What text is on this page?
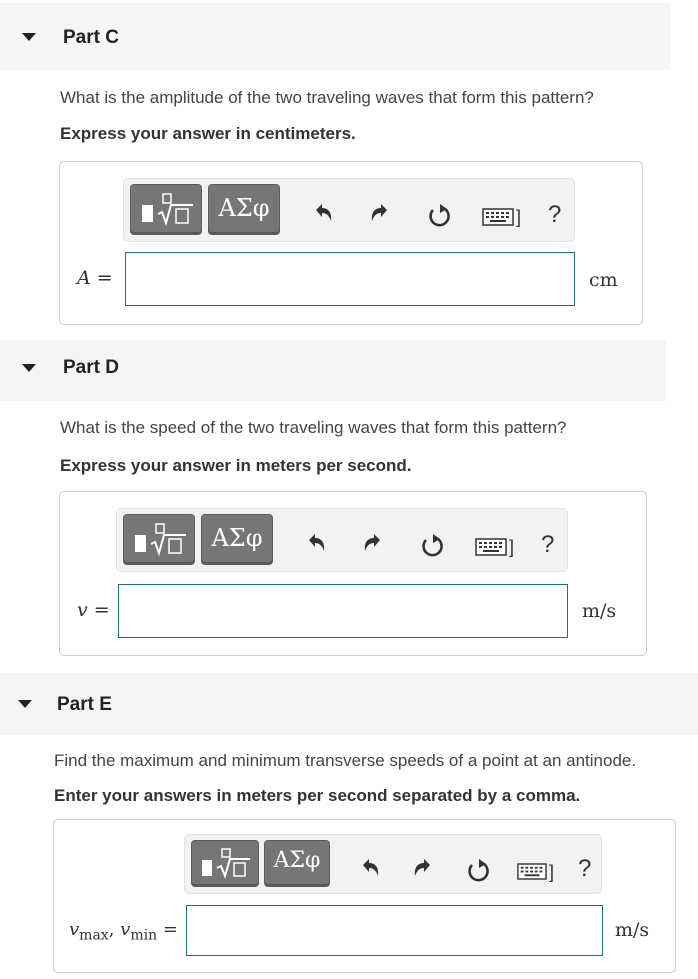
Part C
What is the amplitude of the two traveling waves that form this pattern?
Express your answer in centimeters.
ΑΣφ	] ?
A =	cm
Part D
What is the speed of the two traveling waves that form this pattern?
Express your answer in meters per second.
ΑΣφ	] ?
v =	m/s
Part E
Find the maximum and minimum transverse speeds of a point at an antinode.
Enter your answers in meters per second separated by a comma.
ΑΣφ	] ?
$v_{max}$, $v_{min}$ =	m/s
